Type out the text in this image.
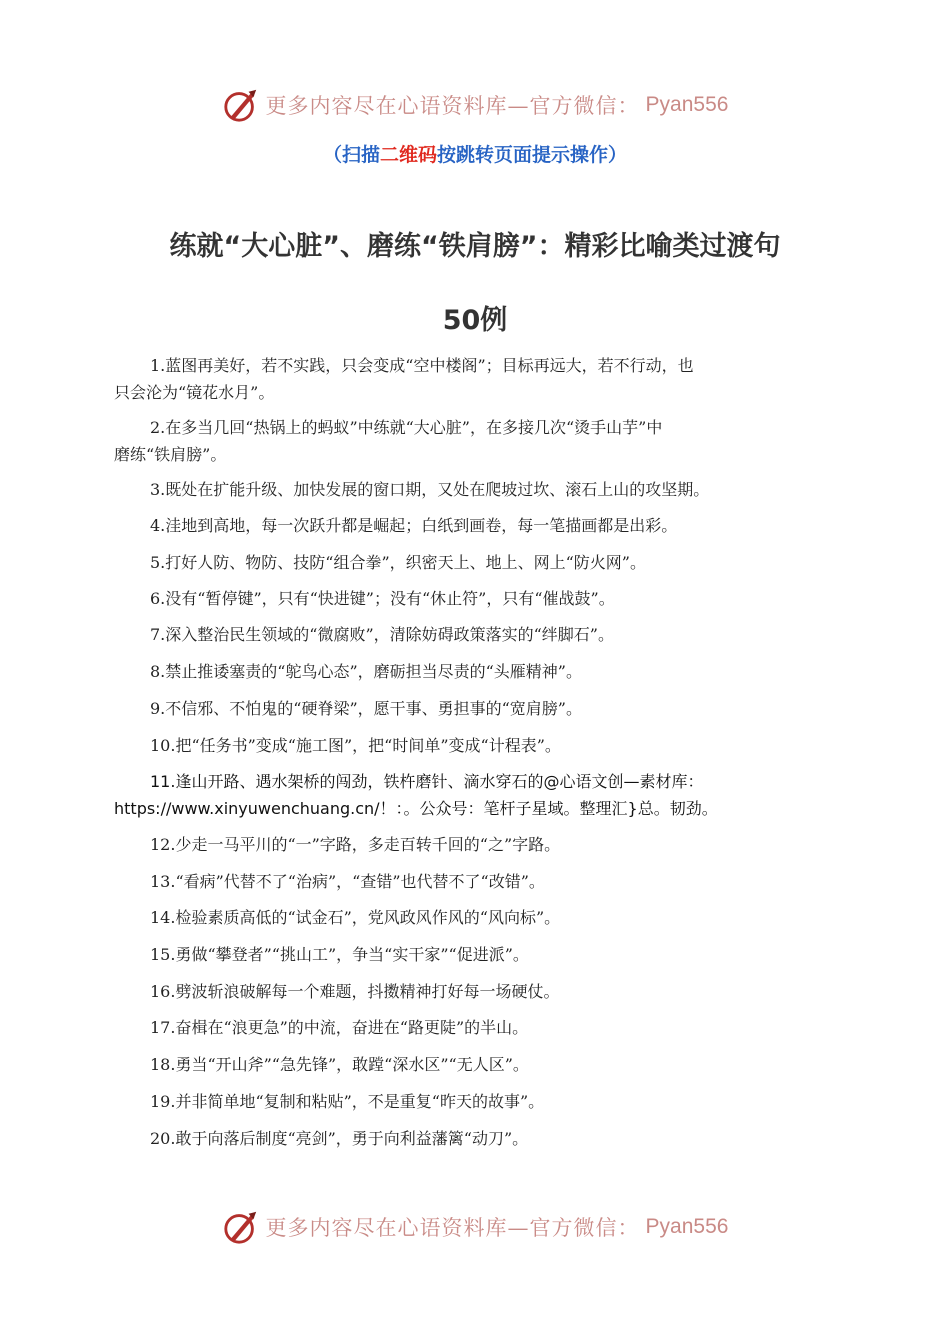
更多内容尽在心语资料库—官方微信： Pyan556
（扫描二维码按跳转页面提示操作）
练就“大心脏”、磨练“铁肩膀”：精彩比喻类过渡句
50例
1.蓝图再美好，若不实践，只会变成“空中楼阁”；目标再远大，若不行动，也
只会沦为“镜花水月”。
2.在多当几回“热锅上的蚂蚁”中练就“大心脏”，在多接几次“烫手山芋”中
磨练“铁肩膀”。
3.既处在扩能升级、加快发展的窗口期，又处在爬坡过坎、滚石上山的攻坚期。
4.洼地到高地，每一次跃升都是崛起；白纸到画卷，每一笔描画都是出彩。
5.打好人防、物防、技防“组合拳”，织密天上、地上、网上“防火网”。
6.没有“暂停键”，只有“快进键”；没有“休止符”，只有“催战鼓”。
7.深入整治民生领域的“微腐败”，清除妨碍政策落实的“绊脚石”。
8.禁止推诿塞责的“鸵鸟心态”，磨砺担当尽责的“头雁精神”。
9.不信邪、不怕鬼的“硬脊梁”，愿干事、勇担事的“宽肩膀”。
10.把“任务书”变成“施工图”，把“时间单”变成“计程表”。
11.逢山开路、遇水架桥的闯劲，铁杵磨针、滴水穿石的@心语文创—素材库：
https://www.xinyuwenchuang.cn/！：。公众号：笔杆子星域。整理汇}总。韧劲。
12.少走一马平川的“一”字路，多走百转千回的“之”字路。
13.“看病”代替不了“治病”，“查错”也代替不了“改错”。
14.检验素质高低的“试金石”，党风政风作风的“风向标”。
15.勇做“攀登者”“挑山工”，争当“实干家”“促进派”。
16.劈波斩浪破解每一个难题，抖擞精神打好每一场硬仗。
17.奋楫在“浪更急”的中流，奋进在“路更陡”的半山。
18.勇当“开山斧”“急先锋”，敢蹚“深水区”“无人区”。
19.并非简单地“复制和粘贴”，不是重复“昨天的故事”。
20.敢于向落后制度“亮剑”，勇于向利益藩篱“动刀”。
更多内容尽在心语资料库—官方微信： Pyan556
